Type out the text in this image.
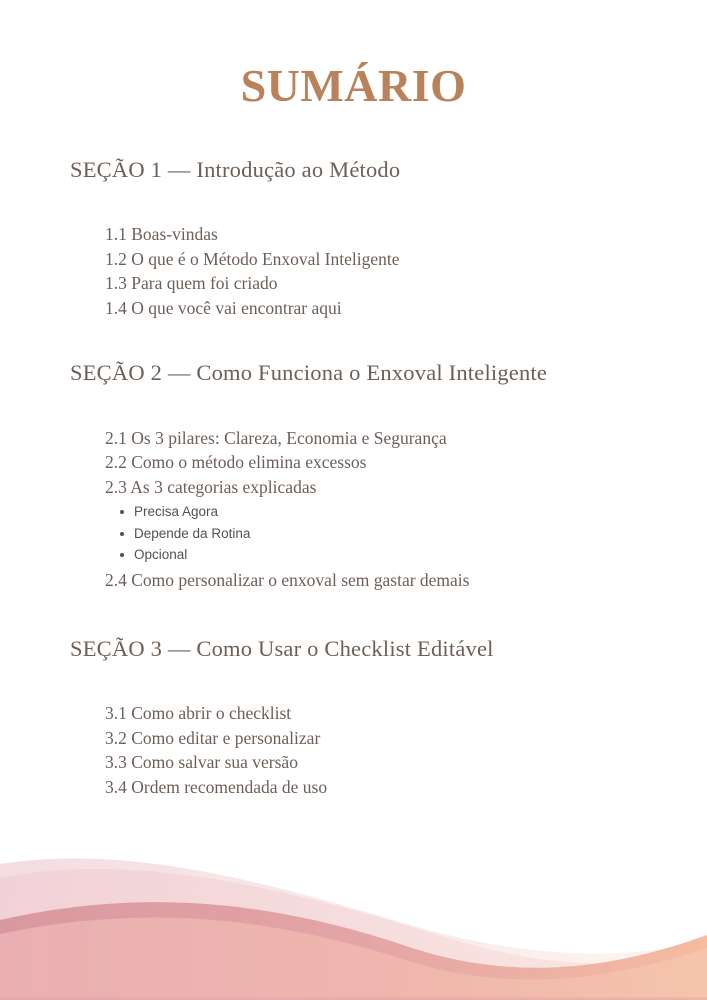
SUMÁRIO
SEÇÃO 1 — Introdução ao Método
1.1 Boas-vindas
1.2 O que é o Método Enxoval Inteligente
1.3 Para quem foi criado
1.4 O que você vai encontrar aqui
SEÇÃO 2 — Como Funciona o Enxoval Inteligente
2.1 Os 3 pilares: Clareza, Economia e Segurança
2.2 Como o método elimina excessos
2.3 As 3 categorias explicadas
Precisa Agora
Depende da Rotina
Opcional
2.4 Como personalizar o enxoval sem gastar demais
SEÇÃO 3 — Como Usar o Checklist Editável
3.1 Como abrir o checklist
3.2 Como editar e personalizar
3.3 Como salvar sua versão
3.4 Ordem recomendada de uso
